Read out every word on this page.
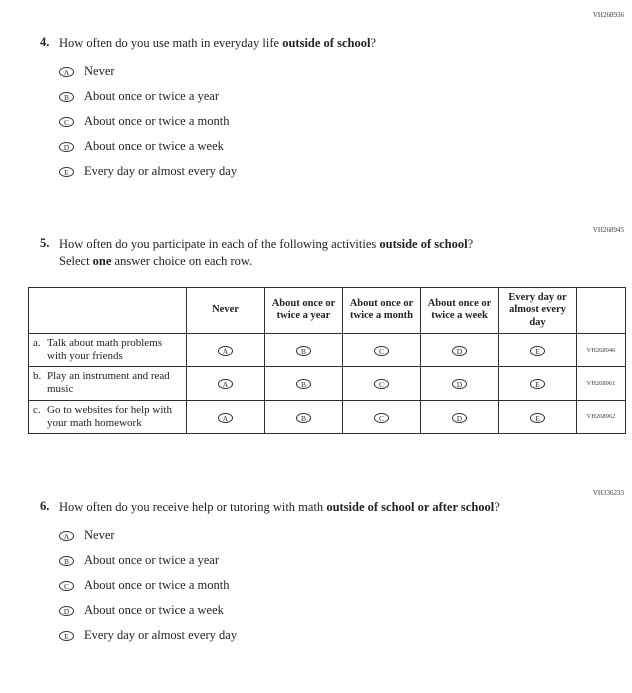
VH268936
4. How often do you use math in everyday life outside of school?
A	Never
B	About once or twice a year
C	About once or twice a month
D	About once or twice a week
E	Every day or almost every day
VH268945
5. How often do you participate in each of the following activities outside of school? Select one answer choice on each row.
	Never	About once or twice a year	About once or twice a month	About once or twice a week	Every day or almost every day	

a. Talk about math problems with your friends	A	B	C	D	E	VH268946

b. Play an instrument and read music	A	B	C	D	E	VH268961

c. Go to websites for help with your math homework	A	B	C	D	E	VH268962
VH336233
6. How often do you receive help or tutoring with math outside of school or after school?
A	Never
B	About once or twice a year
C	About once or twice a month
D	About once or twice a week
E	Every day or almost every day
